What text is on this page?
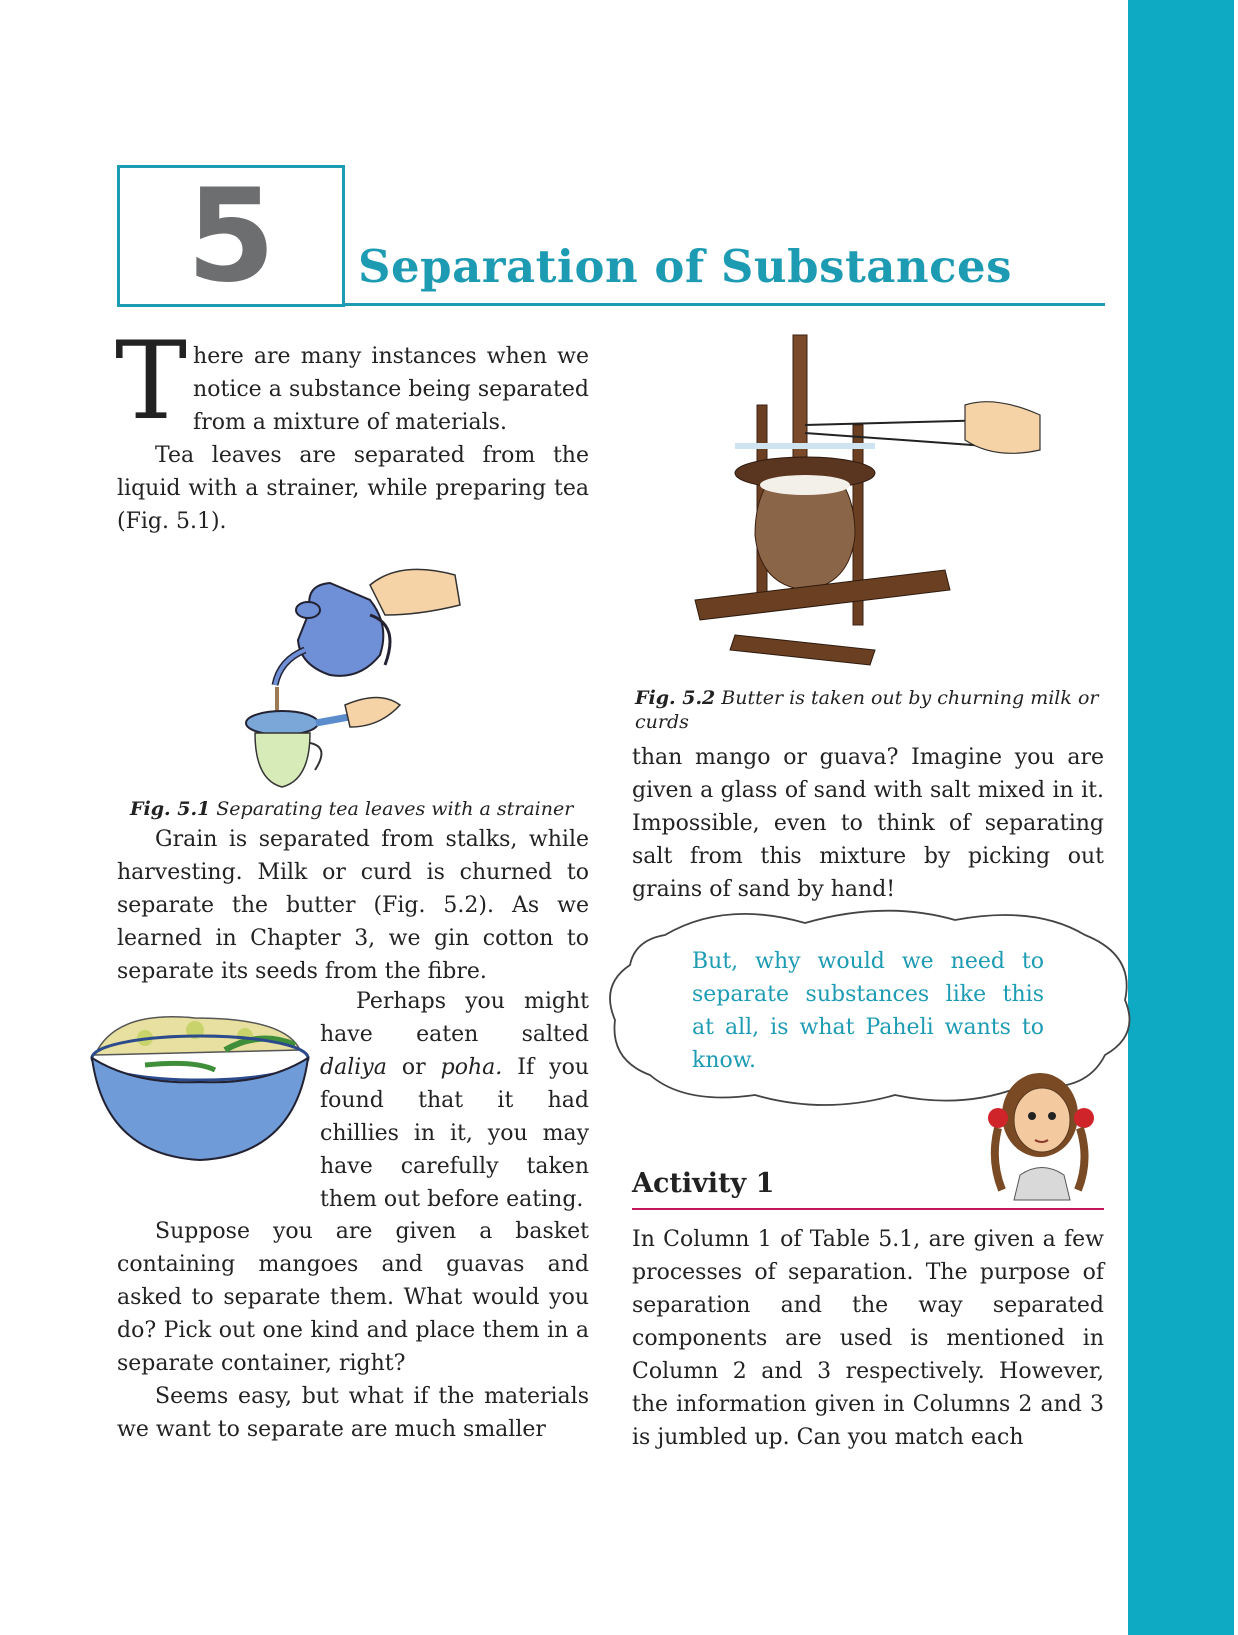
5	Separation of Substances

There are many instances when we notice a substance being separated from a mixture of materials.

Tea leaves are separated from the liquid with a strainer, while preparing tea (Fig. 5.1).

Fig. 5.1 Separating tea leaves with a strainer

Grain is separated from stalks, while harvesting. Milk or curd is churned to separate the butter (Fig. 5.2). As we learned in Chapter 3, we gin cotton to separate its seeds from the fibre.

Perhaps you might have eaten salted daliya or poha. If you found that it had chillies in it, you may have carefully taken them out before eating.

Suppose you are given a basket containing mangoes and guavas and asked to separate them. What would you do? Pick out one kind and place them in a separate container, right?

Seems easy, but what if the materials we want to separate are much smaller

Fig. 5.2 Butter is taken out by churning milk or curds

than mango or guava? Imagine you are given a glass of sand with salt mixed in it. Impossible, even to think of separating salt from this mixture by picking out grains of sand by hand!

But, why would we need to separate substances like this at all, is what Paheli wants to know.
Activity 1

In Column 1 of Table 5.1, are given a few processes of separation. The purpose of separation and the way separated components are used is mentioned in Column 2 and 3 respectively. However, the information given in Columns 2 and 3 is jumbled up. Can you match each
